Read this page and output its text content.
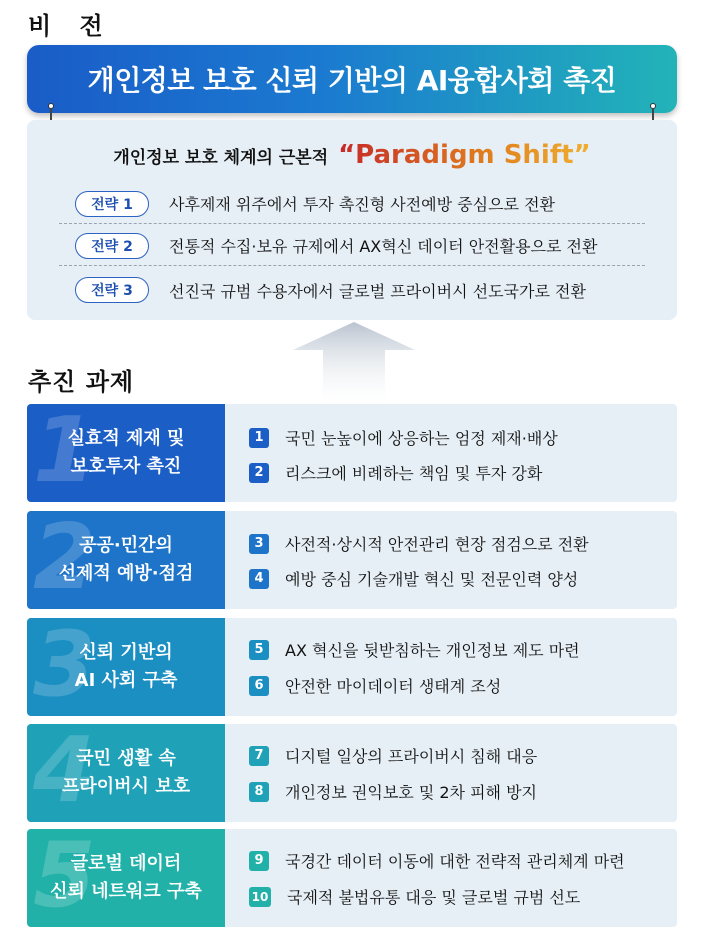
비 전
개인정보 보호 신뢰 기반의 AI융합사회 촉진
개인정보 보호 체계의 근본적 “Paradigm Shift”
전략 1	사후제재 위주에서 투자 촉진형 사전예방 중심으로 전환
전략 2	전통적 수집·보유 규제에서 AX혁신 데이터 안전활용으로 전환
전략 3	선진국 규범 수용자에서 글로벌 프라이버시 선도국가로 전환
추진 과제
1
실효적 제재 및
보호투자 촉진
1	국민 눈높이에 상응하는 엄정 제재·배상
2	리스크에 비례하는 책임 및 투자 강화
2
공공·민간의
선제적 예방·점검
3	사전적·상시적 안전관리 현장 점검으로 전환
4	예방 중심 기술개발 혁신 및 전문인력 양성
3
신뢰 기반의
AI 사회 구축
5	AX 혁신을 뒷받침하는 개인정보 제도 마련
6	안전한 마이데이터 생태계 조성
4
국민 생활 속
프라이버시 보호
7	디지털 일상의 프라이버시 침해 대응
8	개인정보 권익보호 및 2차 피해 방지
5
글로벌 데이터
신뢰 네트워크 구축
9	국경간 데이터 이동에 대한 전략적 관리체계 마련
10 국제적 불법유통 대응 및 글로벌 규범 선도
